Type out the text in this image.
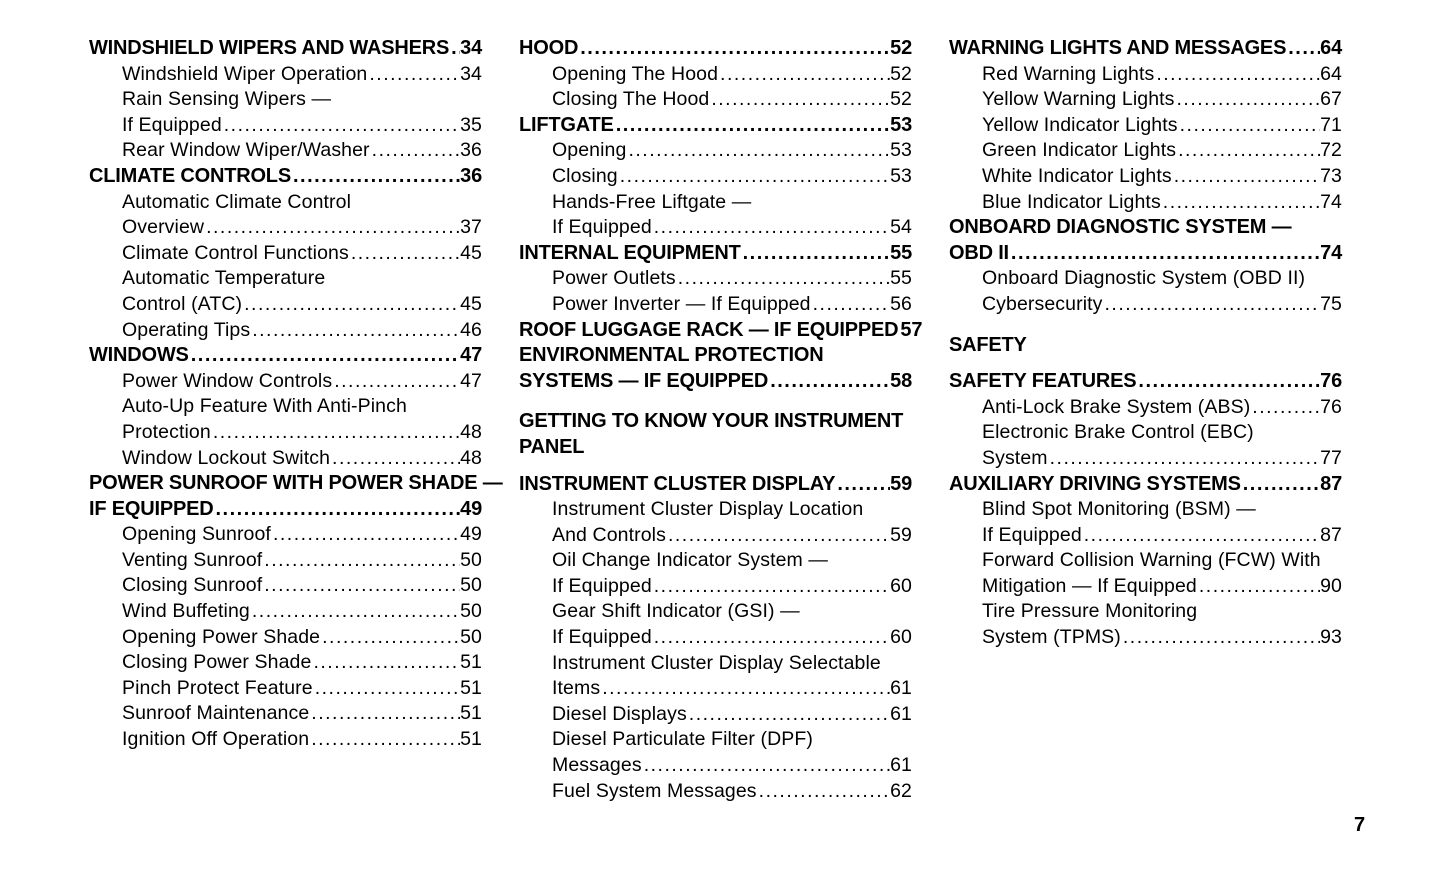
WINDSHIELD WIPERS AND WASHERS ..... 34
Windshield Wiper Operation .....	34
Rain Sensing Wipers —
If Equipped .....	35
Rear Window Wiper/Washer .....	36
CLIMATE CONTROLS .....	36
Automatic Climate Control
Overview .....	37
Climate Control Functions .....	45
Automatic Temperature
Control (ATC) .....	45
Operating Tips .....	46
WINDOWS .....	47
Power Window Controls .....	47
Auto-Up Feature With Anti-Pinch
Protection .....	48
Window Lockout Switch .....	48
POWER SUNROOF WITH POWER SHADE —
IF EQUIPPED .....	49
Opening Sunroof .....	49
Venting Sunroof .....	50
Closing Sunroof .....	50
Wind Buffeting .....	50
Opening Power Shade .....	50
Closing Power Shade .....	51
Pinch Protect Feature .....	51
Sunroof Maintenance .....	51
Ignition Off Operation .....	51
HOOD .....	52
Opening The Hood .....	52
Closing The Hood .....	52
LIFTGATE .....	53
Opening .....	53
Closing .....	53
Hands-Free Liftgate —
If Equipped .....	54
INTERNAL EQUIPMENT .....	55
Power Outlets .....	55
Power Inverter — If Equipped .....	56
ROOF LUGGAGE RACK — IF EQUIPPED 57
ENVIRONMENTAL PROTECTION
SYSTEMS — IF EQUIPPED .....	58
GETTING TO KNOW YOUR INSTRUMENT
PANEL
INSTRUMENT CLUSTER DISPLAY .....	59
Instrument Cluster Display Location
And Controls .....	59
Oil Change Indicator System —
If Equipped .....	60
Gear Shift Indicator (GSI) —
If Equipped .....	60
Instrument Cluster Display Selectable
Items .....	61
Diesel Displays .....	61
Diesel Particulate Filter (DPF)
Messages .....	61
Fuel System Messages .....	62
WARNING LIGHTS AND MESSAGES ..... 64
Red Warning Lights .....	64
Yellow Warning Lights .....	67
Yellow Indicator Lights .....	71
Green Indicator Lights .....	72
White Indicator Lights .....	73
Blue Indicator Lights .....	74
ONBOARD DIAGNOSTIC SYSTEM —
OBD II .....	74
Onboard Diagnostic System (OBD II)
Cybersecurity .....	75
SAFETY
SAFETY FEATURES .....	76
Anti-Lock Brake System (ABS) .....	76
Electronic Brake Control (EBC)
System .....	77
AUXILIARY DRIVING SYSTEMS .....	87
Blind Spot Monitoring (BSM) —
If Equipped .....	87
Forward Collision Warning (FCW) With
Mitigation — If Equipped .....	90
Tire Pressure Monitoring
System (TPMS) .....	93
7
